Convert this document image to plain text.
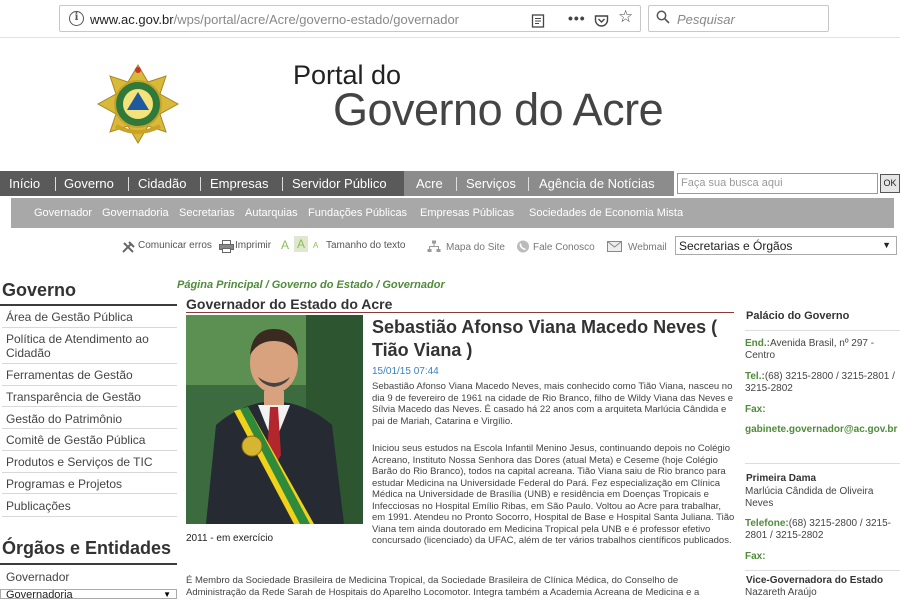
i www.ac.gov.br/wps/portal/acre/Acre/governo-estado/governador	••• ☆	Pesquisar
Portal do
Governo do Acre
Início Governo Cidadão Empresas Servidor Público Acre Serviços Agência de Notícias Faça sua busca aqui	OK
Governador Governadoria Secretarias Autarquias Fundações Públicas Empresas Públicas Sociedades de Economia Mista
Comunicar erros Imprimir A A A Tamanho do texto	Mapa do Site	Fale Conosco	Webmail Secretarias e Órgãos	▼
Governo
Área de Gestão Pública
Política de Atendimento ao Cidadão
Ferramentas de Gestão
Transparência de Gestão
Gestão do Patrimônio
Comitê de Gestão Pública
Produtos e Serviços de TIC
Programas e Projetos
Publicações
Órgãos e Entidades
Governador
Governadoria	▼
Página Principal / Governo do Estado / Governador
Governador do Estado do Acre
2011 - em exercício
Sebastião Afonso Viana Macedo Neves ( Tião Viana )
15/01/15 07:44
Sebastião Afonso Viana Macedo Neves, mais conhecido como Tião Viana, nasceu no dia 9 de fevereiro de 1961 na cidade de Rio Branco, filho de Wildy Viana das Neves e Sílvia Macedo das Neves. É casado há 22 anos com a arquiteta Marlúcia Cândida e pai de Mariah, Catarina e Virgílio.
Iniciou seus estudos na Escola Infantil Menino Jesus, continuando depois no Colégio Acreano, Instituto Nossa Senhora das Dores (atual Meta) e Ceseme (hoje Colégio Barão do Rio Branco), todos na capital acreana. Tião Viana saiu de Rio branco para estudar Medicina na Universidade Federal do Pará. Fez especialização em Clínica Médica na Universidade de Brasília (UNB) e residência em Doenças Tropicais e Infecciosas no Hospital Emílio Ribas, em São Paulo. Voltou ao Acre para trabalhar, em 1991. Atendeu no Pronto Socorro, Hospital de Base e Hospital Santa Juliana. Tião Viana tem ainda doutorado em Medicina Tropical pela UNB e é professor efetivo concursado (licenciado) da UFAC, além de ter vários trabalhos científicos publicados.
É Membro da Sociedade Brasileira de Medicina Tropical, da Sociedade Brasileira de Clínica Médica, do Conselho de Administração da Rede Sarah de Hospitais do Aparelho Locomotor. Integra também a Academia Acreana de Medicina e a
Palácio do Governo
End.:Avenida Brasil, nº 297 - Centro
Tel.:(68) 3215-2800 / 3215-2801 / 3215-2802
Fax:
gabinete.governador@ac.gov.br
Primeira Dama
Marlúcia Cândida de Oliveira Neves
Telefone:(68) 3215-2800 / 3215-2801 / 3215-2802
Fax:
Vice-Governadora do Estado
Nazareth Araújo
